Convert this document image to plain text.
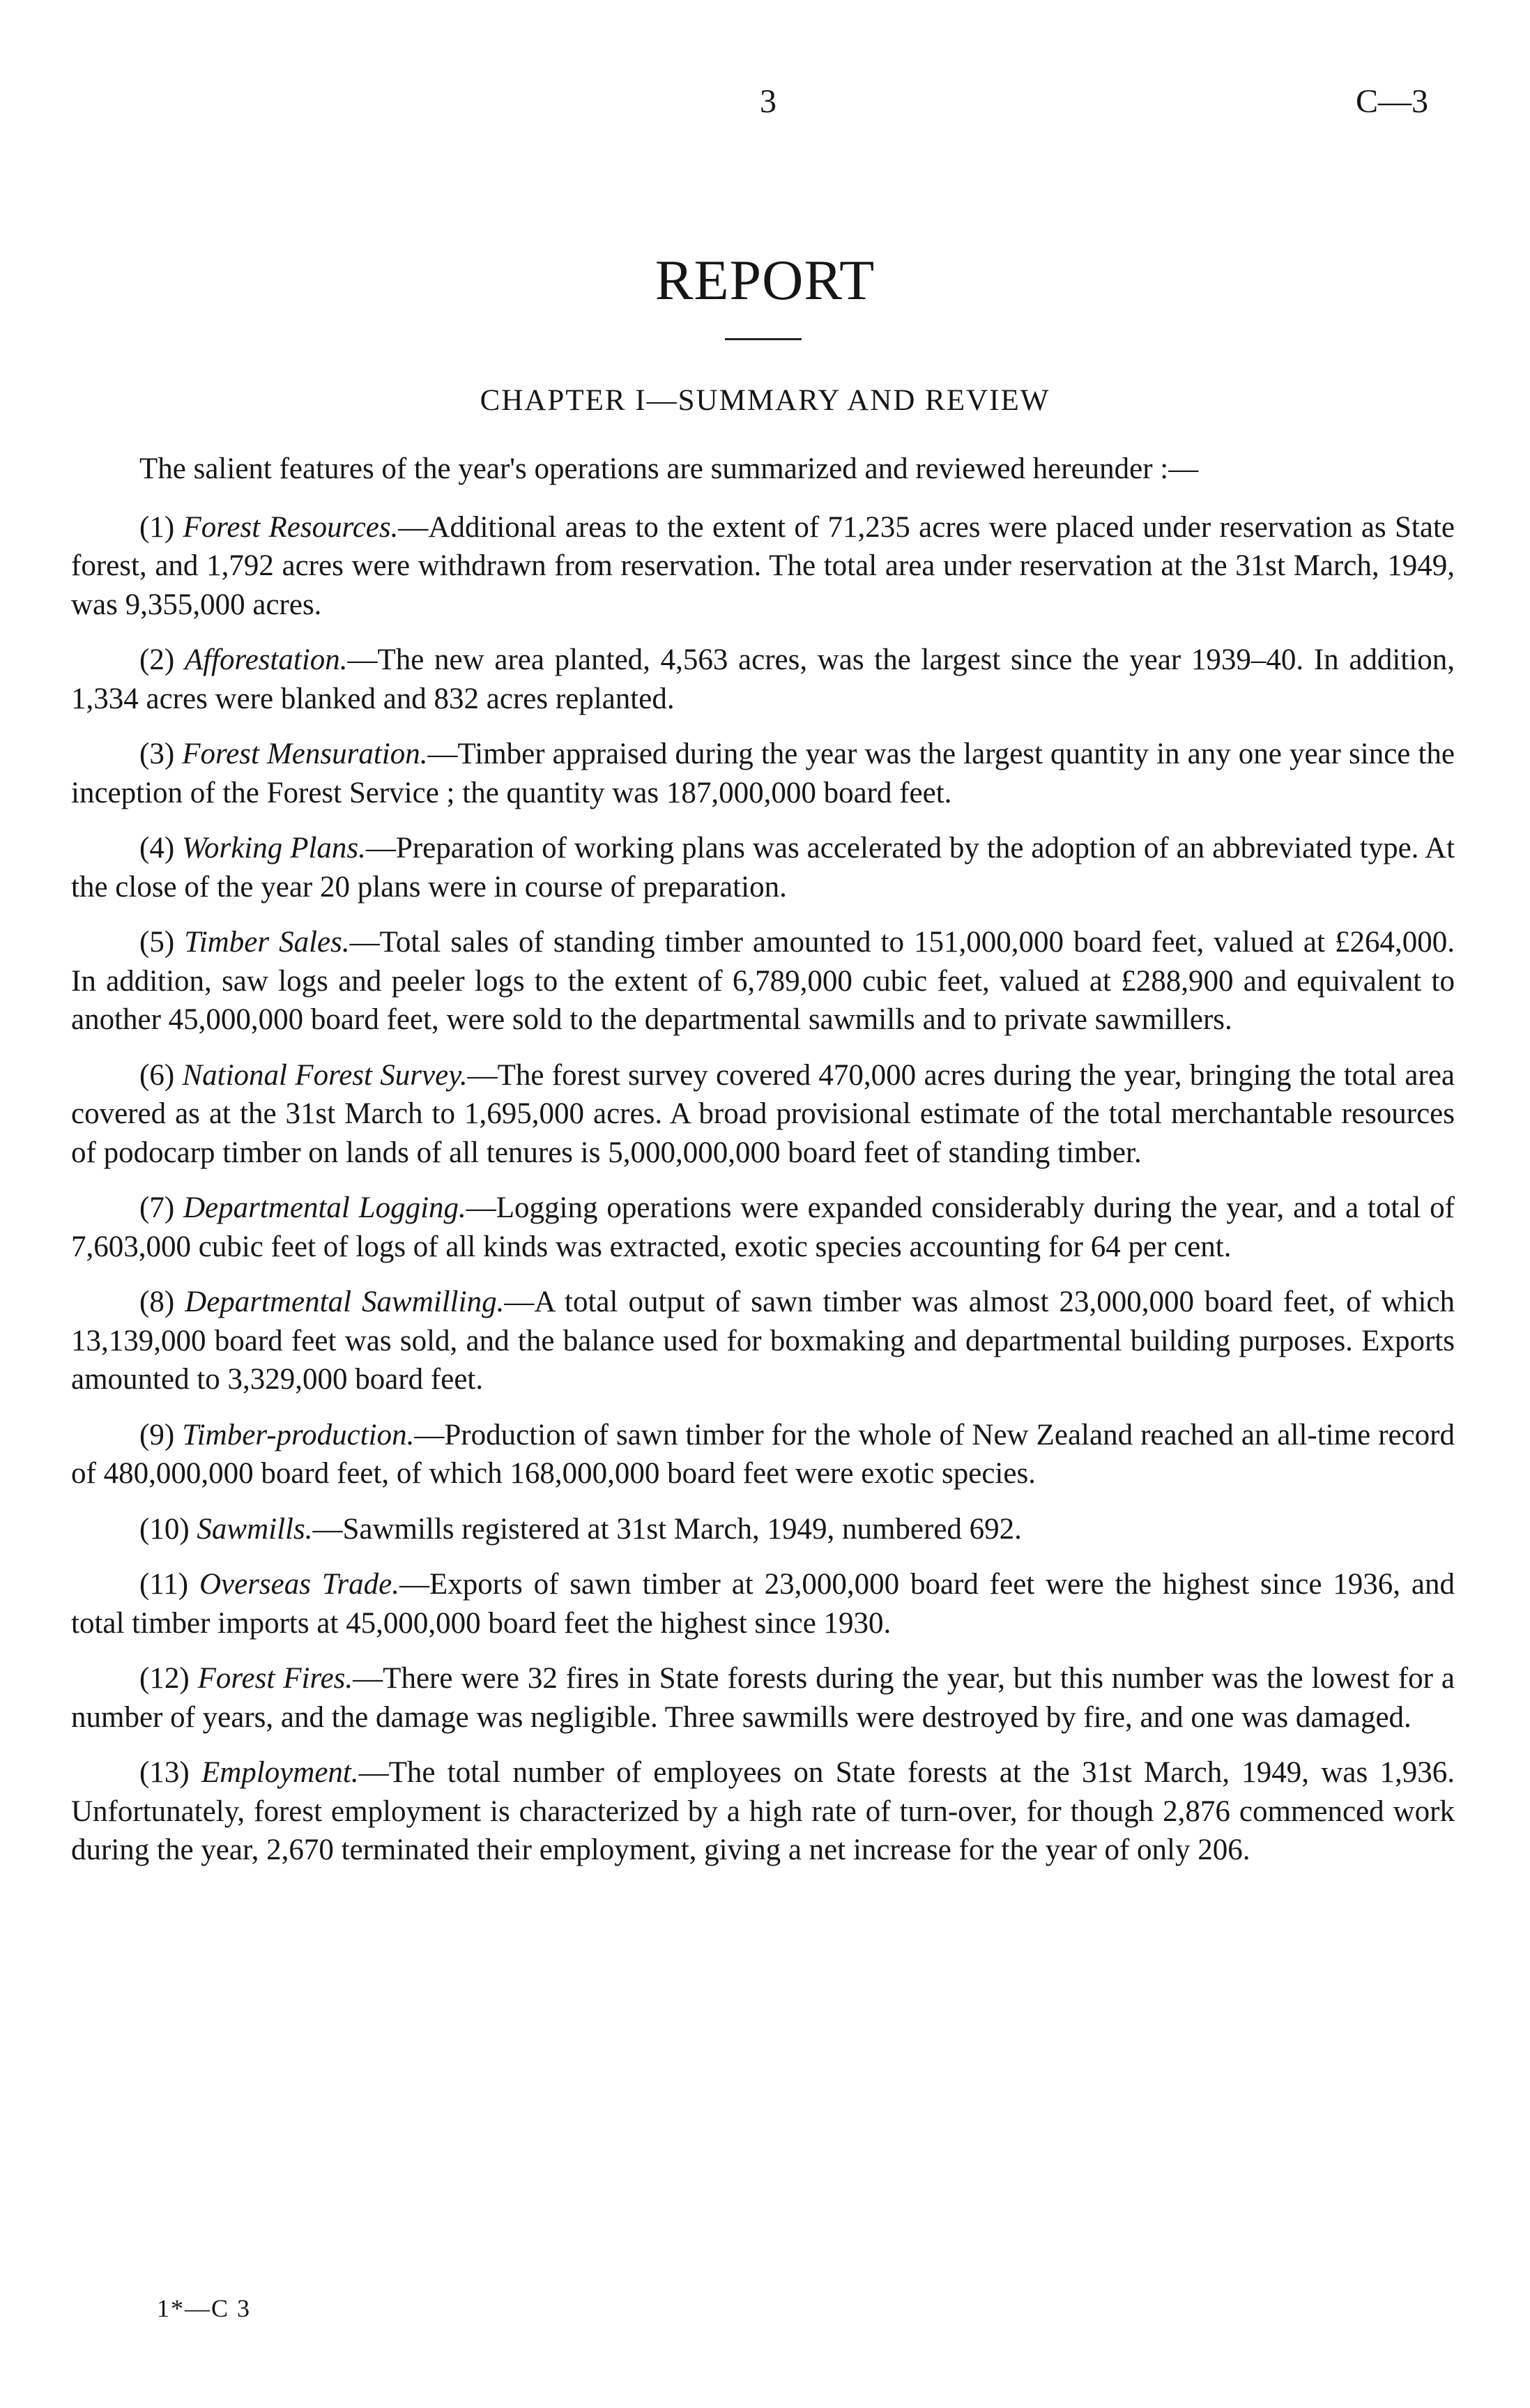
3	C—3
REPORT
CHAPTER I—SUMMARY AND REVIEW

The salient features of the year's operations are summarized and reviewed hereunder :—

(1) Forest Resources.—Additional areas to the extent of 71,235 acres were placed under reservation as State forest, and 1,792 acres were withdrawn from reservation. The total area under reservation at the 31st March, 1949, was 9,355,000 acres.

(2) Afforestation.—The new area planted, 4,563 acres, was the largest since the year 1939–40. In addition, 1,334 acres were blanked and 832 acres replanted.

(3) Forest Mensuration.—Timber appraised during the year was the largest quantity in any one year since the inception of the Forest Service ; the quantity was 187,000,000 board feet.

(4) Working Plans.—Preparation of working plans was accelerated by the adoption of an abbreviated type. At the close of the year 20 plans were in course of preparation.

(5) Timber Sales.—Total sales of standing timber amounted to 151,000,000 board feet, valued at £264,000. In addition, saw logs and peeler logs to the extent of 6,789,000 cubic feet, valued at £288,900 and equivalent to another 45,000,000 board feet, were sold to the departmental sawmills and to private sawmillers.

(6) National Forest Survey.—The forest survey covered 470,000 acres during the year, bringing the total area covered as at the 31st March to 1,695,000 acres. A broad provisional estimate of the total merchantable resources of podocarp timber on lands of all tenures is 5,000,000,000 board feet of standing timber.

(7) Departmental Logging.—Logging operations were expanded considerably during the year, and a total of 7,603,000 cubic feet of logs of all kinds was extracted, exotic species accounting for 64 per cent.

(8) Departmental Sawmilling.—A total output of sawn timber was almost 23,000,000 board feet, of which 13,139,000 board feet was sold, and the balance used for boxmaking and departmental building purposes. Exports amounted to 3,329,000 board feet.

(9) Timber-production.—Production of sawn timber for the whole of New Zealand reached an all-time record of 480,000,000 board feet, of which 168,000,000 board feet were exotic species.

(10) Sawmills.—Sawmills registered at 31st March, 1949, numbered 692.

(11) Overseas Trade.—Exports of sawn timber at 23,000,000 board feet were the highest since 1936, and total timber imports at 45,000,000 board feet the highest since 1930.

(12) Forest Fires.—There were 32 fires in State forests during the year, but this number was the lowest for a number of years, and the damage was negligible. Three sawmills were destroyed by fire, and one was damaged.

(13) Employment.—The total number of employees on State forests at the 31st March, 1949, was 1,936. Unfortunately, forest employment is characterized by a high rate of turn-over, for though 2,876 commenced work during the year, 2,670 terminated their employment, giving a net increase for the year of only 206.

1*—C 3
